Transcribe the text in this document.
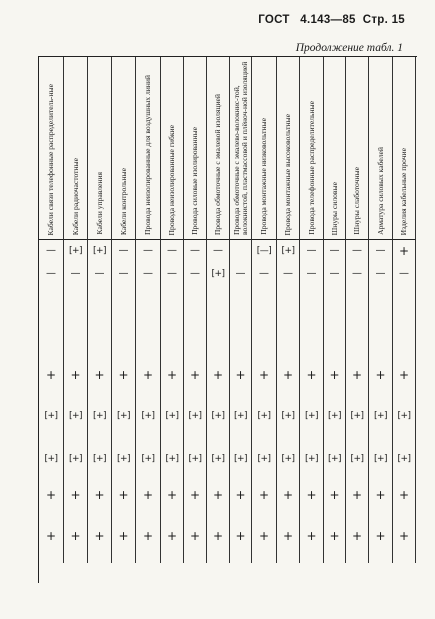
ГОСТ 4.143—85 Стр. 15
Продолжение табл. 1
Кабели связи телефонные распределитель-ные Кабели радиочастотные Кабели управления Кабели контрольные Провода неизолированные для воздушных линий Провода неизолированные гибкие Провода силовые изолированные Провода обмоточные с эмалевой изоляцией Провода обмоточные с эмалево-волокнис-той, волокнистой, пластмассовой и плёноч-ной изоляцией Провода монтажные низковольтные Провода монтажные высоковольтные Провода телефонные распределительные Шнуры силовые Шнуры слаботочные Арматура силовых кабелей Изделия кабельные прочие
— [+] [+] — — — — —	[—] [+] — — — — +
— — — — — — — [+] — — — — — — — —
+ + + + + + + + + + + + + + + +
[+] [+] [+] [+] [+] [+] [+] [+] [+] [+] [+] [+] [+] [+] [+] [+]
[+] [+] [+] [+] [+] [+] [+] [+] [+] [+] [+] [+] [+] [+] [+] [+]
+ + + + + + + + + + + + + + + +
+ + + + + + + + + + + + + + + +
